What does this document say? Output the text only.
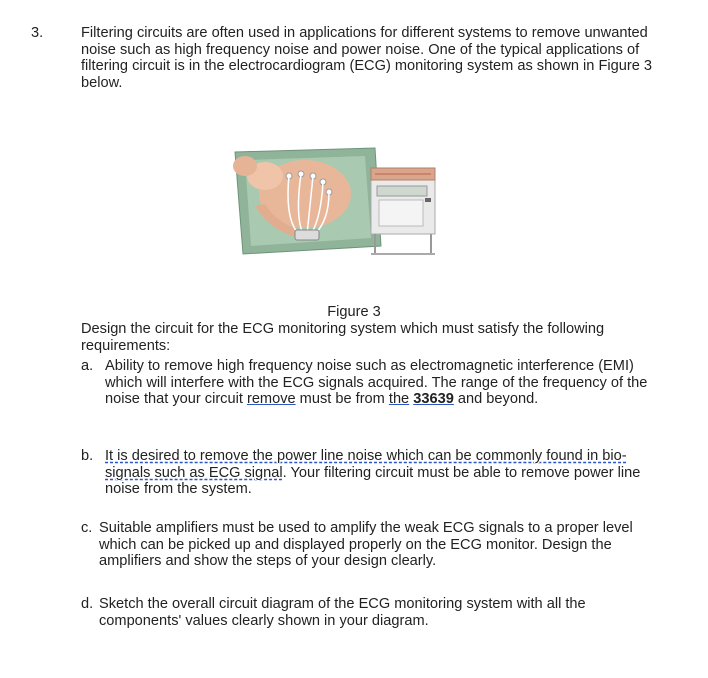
3.	Filtering circuits are often used in applications for different systems to remove unwanted noise such as high frequency noise and power noise. One of the typical applications of filtering circuit is in the electrocardiogram (ECG) monitoring system as shown in Figure 3 below.
Figure 3
Design the circuit for the ECG monitoring system which must satisfy the following requirements:
a. Ability to remove high frequency noise such as electromagnetic interference (EMI) which will interfere with the ECG signals acquired. The range of the frequency of the noise that your circuit remove must be from the 33639 and beyond.
b. It is desired to remove the power line noise which can be commonly found in bio-signals such as ECG signal. Your filtering circuit must be able to remove power line noise from the system.
c. Suitable amplifiers must be used to amplify the weak ECG signals to a proper level which can be picked up and displayed properly on the ECG monitor. Design the amplifiers and show the steps of your design clearly.
d. Sketch the overall circuit diagram of the ECG monitoring system with all the components' values clearly shown in your diagram.
